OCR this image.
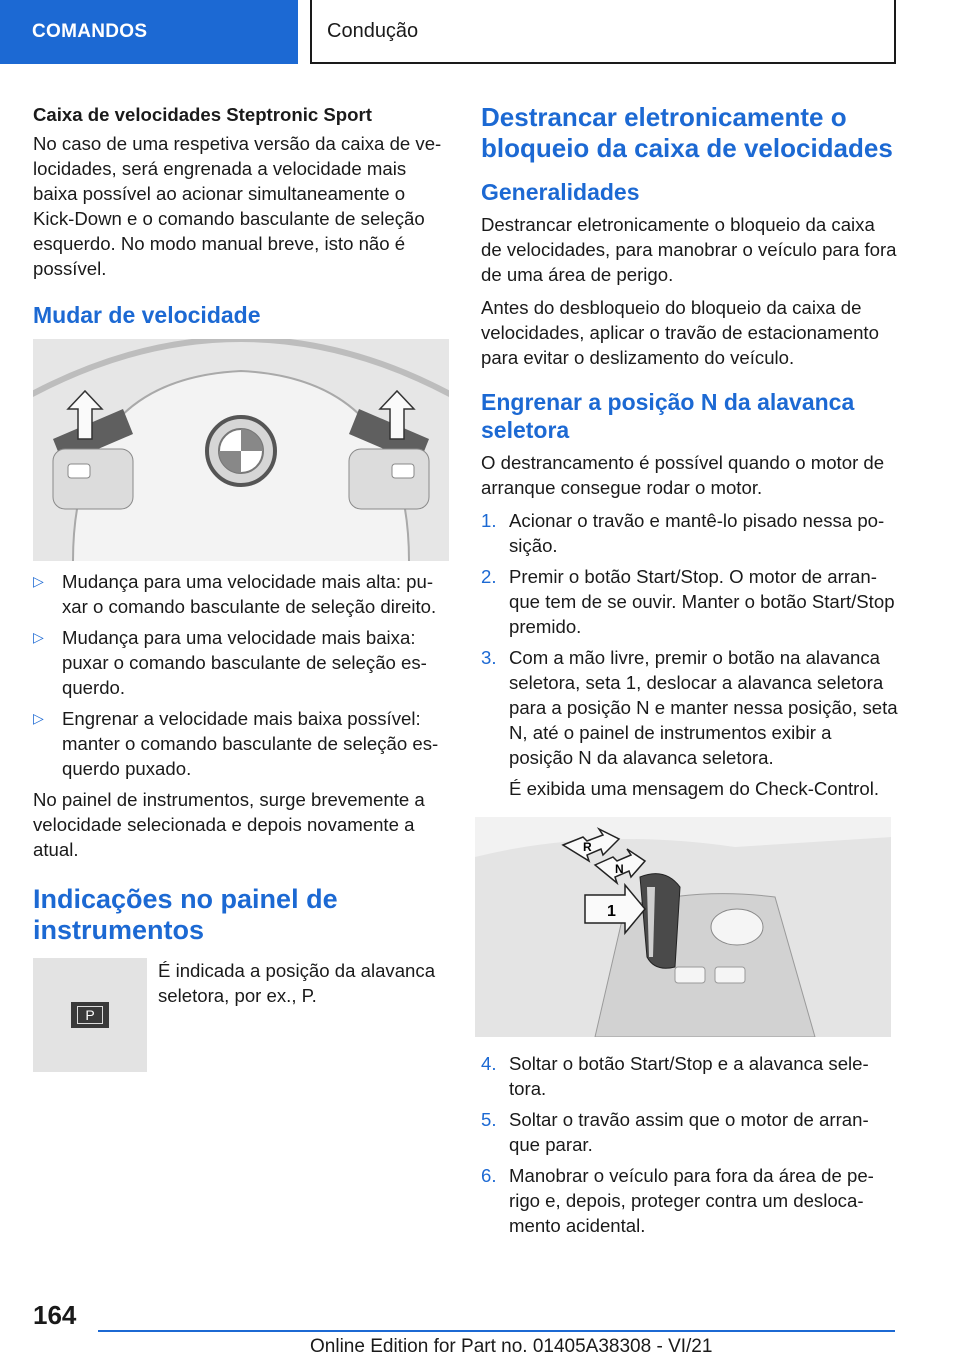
COMANDOS	Condução
Caixa de velocidades Steptronic Sport

No caso de uma respetiva versão da caixa de ve-locidades, será engrenada a velocidade mais baixa possível ao acionar simultaneamente o Kick-Down e o comando basculante de seleção esquerdo. No modo manual breve, isto não é possível.

Mudar de velocidade
▷ Mudança para uma velocidade mais alta: pu-xar o comando basculante de seleção direito.
▷ Mudança para uma velocidade mais baixa: puxar o comando basculante de seleção es-querdo.
▷ Engrenar a velocidade mais baixa possível: manter o comando basculante de seleção es-querdo puxado.

No painel de instrumentos, surge brevemente a velocidade selecionada e depois novamente a atual.

Indicações no painel de instrumentos
P
É indicada a posição da alavanca seletora, por ex., P.
Destrancar eletronicamente o bloqueio da caixa de velocidades
Generalidades

Destrancar eletronicamente o bloqueio da caixa de velocidades, para manobrar o veículo para fora de uma área de perigo.

Antes do desbloqueio do bloqueio da caixa de velocidades, aplicar o travão de estacionamento para evitar o deslizamento do veículo.

Engrenar a posição N da alavanca seletora

O destrancamento é possível quando o motor de arranque consegue rodar o motor.

1. Acionar o travão e mantê-lo pisado nessa po-sição.
2. Premir o botão Start/Stop. O motor de arran-que tem de se ouvir. Manter o botão Start/Stop premido.
3. Com a mão livre, premir o botão na alavanca seletora, seta 1, deslocar a alavanca seletora para a posição N e manter nessa posição, seta N, até o painel de instrumentos exibir a posição N da alavanca seletora.

É exibida uma mensagem do Check-Control.

R
N
1
4. Soltar o botão Start/Stop e a alavanca sele-tora.
5. Soltar o travão assim que o motor de arran-que parar.
6. Manobrar o veículo para fora da área de pe-rigo e, depois, proteger contra um desloca-mento acidental.
164
Online Edition for Part no. 01405A38308 - VI/21
